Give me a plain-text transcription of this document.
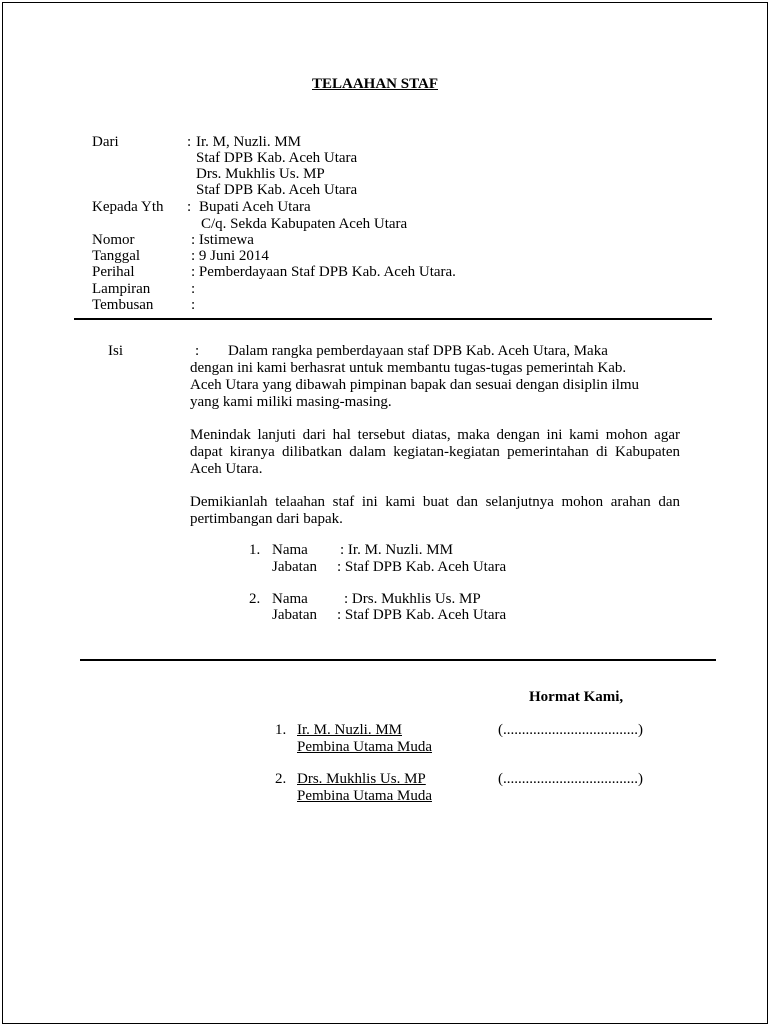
TELAAHAN STAF
Dari	: Ir. M, Nuzli. MM
Staf DPB Kab. Aceh Utara
Drs. Mukhlis Us. MP
Staf DPB Kab. Aceh Utara
Kepada Yth : Bupati Aceh Utara
C/q. Sekda Kabupaten Aceh Utara
Nomor	: Istimewa
Tanggal	: 9 Juni 2014
Perihal	: Pemberdayaan Staf DPB Kab. Aceh Utara.
Lampiran	:
Tembusan	:
Isi	:	Dalam rangka pemberdayaan staf DPB Kab. Aceh Utara, Maka dengan ini kami berhasrat untuk membantu tugas-tugas pemerintah Kab. Aceh Utara yang dibawah pimpinan bapak dan sesuai dengan disiplin ilmu yang kami miliki masing-masing.
Menindak lanjuti dari hal tersebut diatas, maka dengan ini kami mohon agar dapat kiranya dilibatkan dalam kegiatan-kegiatan pemerintahan di Kabupaten Aceh Utara.
Demikianlah telaahan staf ini kami buat dan selanjutnya mohon arahan dan pertimbangan dari bapak.
1. Nama : Ir. M. Nuzli. MM
Jabatan : Staf DPB Kab. Aceh Utara
2. Nama : Drs. Mukhlis Us. MP
Jabatan : Staf DPB Kab. Aceh Utara
Hormat Kami,
1. Ir. M. Nuzli. MM
Pembina Utama Muda
(....................................)
2. Drs. Mukhlis Us. MP
Pembina Utama Muda
(....................................)
